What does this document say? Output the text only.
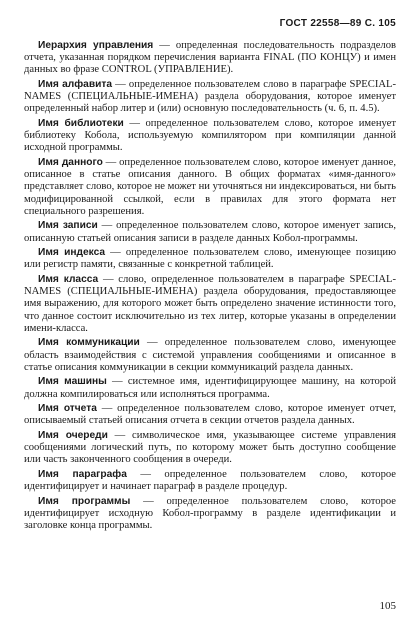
ГОСТ 22558—89 С. 105

Иерархия управления — определенная последовательность подразделов отчета, указанная порядком перечисления варианта FINAL (ПО КОНЦУ) и имен данных во фразе CONTROL (УПРАВЛЕНИЕ).

Имя алфавита — определенное пользователем слово в параграфе SPECIAL-NAMES (СПЕЦИАЛЬНЫЕ-ИМЕНА) раздела оборудования, которое именует определенный набор литер и (или) основную последовательность (ч. 6, п. 4.5).

Имя библиотеки — определенное пользователем слово, которое именует библиотеку Кобола, используемую компилятором при компиляции данной исходной программы.

Имя данного — определенное пользователем слово, которое именует данное, описанное в статье описания данного. В общих форматах «имя-данного» представляет слово, которое не может ни уточняться ни индексироваться, ни быть модифицированной ссылкой, если в правилах для этого формата нет специального разрешения.

Имя записи — определенное пользователем слово, которое именует запись, описанную статьей описания записи в разделе данных Кобол-программы.

Имя индекса — определенное пользователем слово, именующее позицию или регистр памяти, связанные с конкретной таблицей.

Имя класса — слово, определенное пользователем в параграфе SPECIAL-NAMES (СПЕЦИАЛЬНЫЕ-ИМЕНА) раздела оборудования, предоставляющее имя выражению, для которого может быть определено значение истинности того, что данное состоит исключительно из тех литер, которые указаны в определении имени-класса.

Имя коммуникации — определенное пользователем слово, именующее область взаимодействия с системой управления сообщениями и описанное в статье описания коммуникации в секции коммуникаций раздела данных.

Имя машины — системное имя, идентифицирующее машину, на которой должна компилироваться или исполняться программа.

Имя отчета — определенное пользователем слово, которое именует отчет, описываемый статьей описания отчета в секции отчетов раздела данных.

Имя очереди — символическое имя, указывающее системе управления сообщениями логический путь, по которому может быть доступно сообщение или часть законченного сообщения в очереди.

Имя параграфа — определенное пользователем слово, которое идентифицирует и начинает параграф в разделе процедур.

Имя программы — определенное пользователем слово, которое идентифицирует исходную Кобол-программу в разделе идентификации и заголовке конца программы.

105
